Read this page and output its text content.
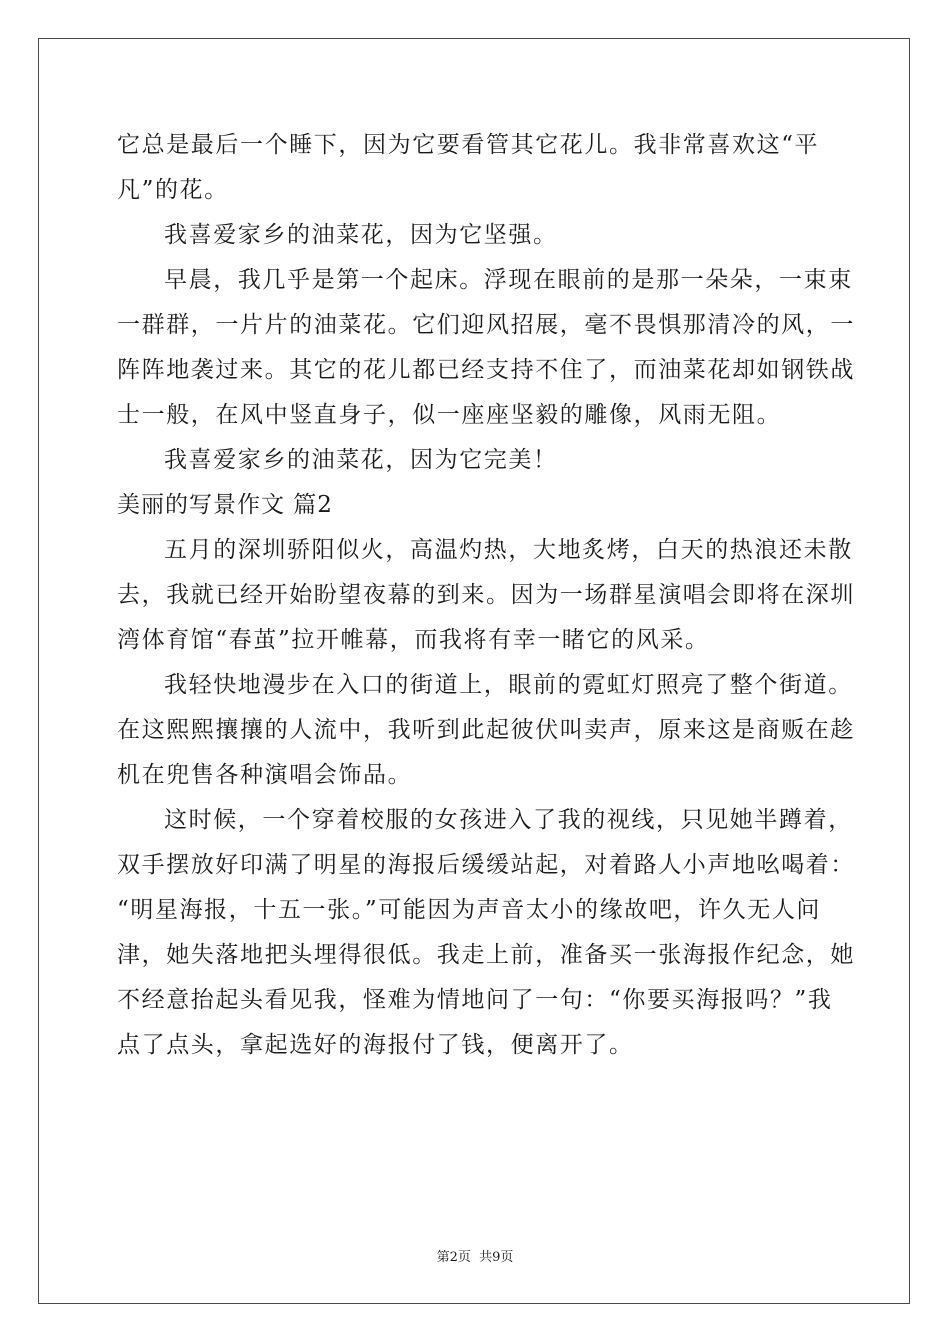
它总是最后一个睡下，因为它要看管其它花儿。我非常喜欢这“平
凡”的花。
我喜爱家乡的油菜花，因为它坚强。
早晨，我几乎是第一个起床。浮现在眼前的是那一朵朵，一束束
一群群，一片片的油菜花。它们迎风招展，毫不畏惧那清冷的风，一
阵阵地袭过来。其它的花儿都已经支持不住了，而油菜花却如钢铁战
士一般，在风中竖直身子，似一座座坚毅的雕像，风雨无阻。
我喜爱家乡的油菜花，因为它完美！
美丽的写景作文 篇2
五月的深圳骄阳似火，高温灼热，大地炙烤，白天的热浪还未散
去，我就已经开始盼望夜幕的到来。因为一场群星演唱会即将在深圳
湾体育馆“春茧”拉开帷幕，而我将有幸一睹它的风采。
我轻快地漫步在入口的街道上，眼前的霓虹灯照亮了整个街道。
在这熙熙攘攘的人流中，我听到此起彼伏叫卖声，原来这是商贩在趁
机在兜售各种演唱会饰品。
这时候，一个穿着校服的女孩进入了我的视线，只见她半蹲着，
双手摆放好印满了明星的海报后缓缓站起，对着路人小声地吆喝着：
“明星海报，十五一张。”可能因为声音太小的缘故吧，许久无人问
津，她失落地把头埋得很低。我走上前，准备买一张海报作纪念，她
不经意抬起头看见我，怪难为情地问了一句：“你要买海报吗？”我
点了点头，拿起选好的海报付了钱，便离开了。
第2页 共9页
